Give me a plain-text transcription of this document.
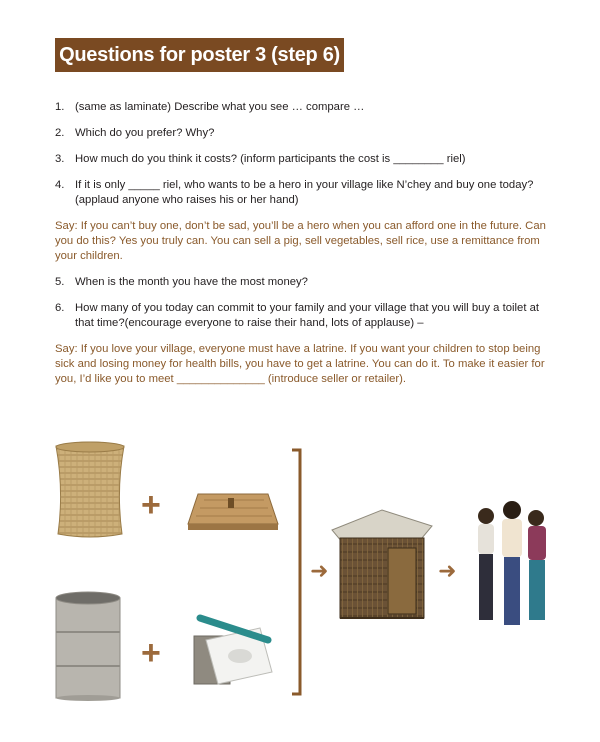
Questions for poster 3 (step 6)
1. (same as laminate) Describe what you see … compare …
2. Which do you prefer? Why?
3. How much do you think it costs? (inform participants the cost is ________ riel)
4. If it is only _____ riel, who wants to be a hero in your village like N’chey and buy one today? (applaud anyone who raises his or her hand)

Say: If you can’t buy one, don’t be sad, you’ll be a hero when you can afford one in the future. Can you do this? Yes you truly can. You can sell a pig, sell vegetables, sell rice, use a remittance from your children.

5. When is the month you have the most money?
6. How many of you today can commit to your family and your village that you will buy a toilet at that time?(encourage everyone to raise their hand, lots of applause) –

Say: If you love your village, everyone must have a latrine. If you want your children to stop being sick and losing money for health bills, you have to get a latrine. You can do it. To make it easier for you, I’d like you to meet ______________ (introduce seller or retailer).

+
+
➜	➜
